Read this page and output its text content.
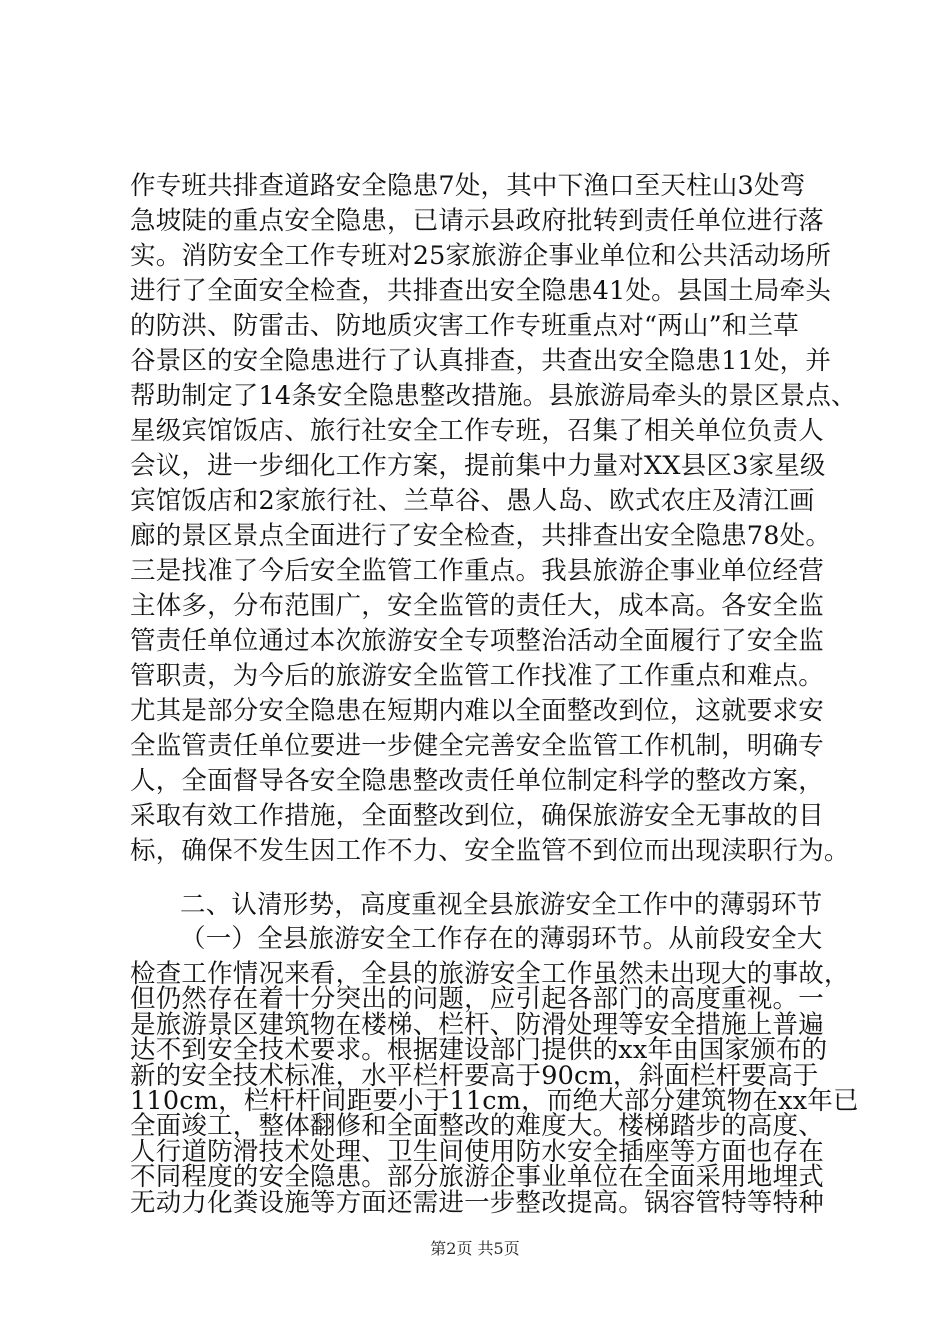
作专班共排查道路安全隐患7处，其中下渔口至天柱山3处弯
急坡陡的重点安全隐患，已请示县政府批转到责任单位进行落
实。消防安全工作专班对25家旅游企事业单位和公共活动场所
进行了全面安全检查，共排查出安全隐患41处。县国土局牵头
的防洪、防雷击、防地质灾害工作专班重点对“两山”和兰草
谷景区的安全隐患进行了认真排查，共查出安全隐患11处，并
帮助制定了14条安全隐患整改措施。县旅游局牵头的景区景点、
星级宾馆饭店、旅行社安全工作专班，召集了相关单位负责人
会议，进一步细化工作方案，提前集中力量对XX县区3家星级
宾馆饭店和2家旅行社、兰草谷、愚人岛、欧式农庄及清江画
廊的景区景点全面进行了安全检查，共排查出安全隐患78处。
三是找准了今后安全监管工作重点。我县旅游企事业单位经营
主体多，分布范围广，安全监管的责任大，成本高。各安全监
管责任单位通过本次旅游安全专项整治活动全面履行了安全监
管职责，为今后的旅游安全监管工作找准了工作重点和难点。
尤其是部分安全隐患在短期内难以全面整改到位，这就要求安
全监管责任单位要进一步健全完善安全监管工作机制，明确专
人，全面督导各安全隐患整改责任单位制定科学的整改方案，
采取有效工作措施，全面整改到位，确保旅游安全无事故的目
标，确保不发生因工作不力、安全监管不到位而出现渎职行为。
二、认清形势，高度重视全县旅游安全工作中的薄弱环节
（一）全县旅游安全工作存在的薄弱环节。从前段安全大
检查工作情况来看，全县的旅游安全工作虽然未出现大的事故，
但仍然存在着十分突出的问题，应引起各部门的高度重视。一
是旅游景区建筑物在楼梯、栏杆、防滑处理等安全措施上普遍
达不到安全技术要求。根据建设部门提供的xx年由国家颁布的
新的安全技术标准，水平栏杆要高于90cm，斜面栏杆要高于
110cm，栏杆杆间距要小于11cm，而绝大部分建筑物在xx年已
全面竣工，整体翻修和全面整改的难度大。楼梯踏步的高度、
人行道防滑技术处理、卫生间使用防水安全插座等方面也存在
不同程度的安全隐患。部分旅游企事业单位在全面采用地埋式
无动力化粪设施等方面还需进一步整改提高。锅容管特等特种
第2页 共5页
